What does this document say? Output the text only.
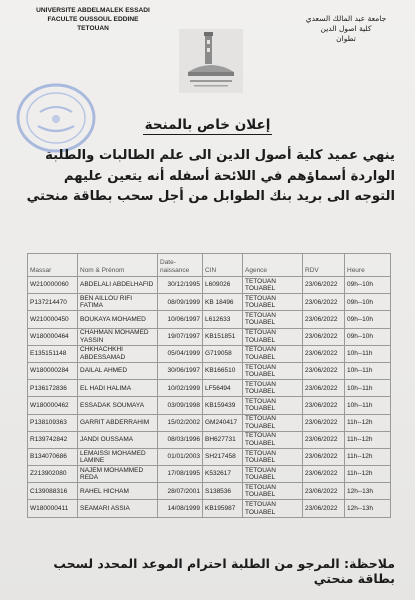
UNIVERSITE ABDELMALEK ESSADI
FACULTE OUSSOUL EDDINE
TETOUAN
جامعة عبد المالك السعدي
كلية اصول الدين
تطوان
إعلان خاص بالمنحة
ينهي عميد كلية أصول الدين الى علم الطالبات والطلبة الواردة أسماؤهم في اللائحة أسفله أنه يتعين عليهم التوجه الى بريد بنك الطوابل من أجل سحب بطاقة منحتي
Massar	Nom & Prénom	Date-naissance	CIN	Agence	RDV	Heure
W210000060	ABDELALI ABDELHAFID	30/12/1995	L609026	TETOUAN TOUABEL	23/06/2022	09h--10h
P137214470	BEN AILLOU RIFI FATIMA	08/09/1999	KB 18496	TETOUAN TOUABEL	23/06/2022	09h--10h
W210000450	BOUKAYA MOHAMED	10/06/1997	L612633	TETOUAN TOUABEL	23/06/2022	09h--10h
W180000464	CHAHMAN MOHAMED YASSIN	19/07/1997	KB151851	TETOUAN TOUABEL	23/06/2022	09h--10h
E135151148	CHKHACHKHI ABDESSAMAD	05/04/1999	G719058	TETOUAN TOUABEL	23/06/2022	10h--11h
W180000284	DAILAL AHMED	30/06/1997	KB166510	TETOUAN TOUABEL	23/06/2022	10h--11h
P136172836	EL HADI HALIMA	10/02/1999	LF56494	TETOUAN TOUABEL	23/06/2022	10h--11h
W180000462	ESSADAK SOUMAYA	03/09/1998	KB159439	TETOUAN TOUABEL	23/06/2022	10h--11h
P138109363	GARRIT ABDERRAHIM	15/02/2002	GM240417	TETOUAN TOUABEL	23/06/2022	11h--12h
R139742842	JANDI OUSSAMA	08/03/1996	BH627731	TETOUAN TOUABEL	23/06/2022	11h--12h
B134070686	LEMAISSI MOHAMED LAMINE	01/01/2003	SH217458	TETOUAN TOUABEL	23/06/2022	11h--12h
Z213902080	NAJEM MOHAMMED REDA	17/08/1995	K532617	TETOUAN TOUABEL	23/06/2022	11h--12h
C139088316	RAHEL HICHAM	28/07/2001	S138536	TETOUAN TOUABEL	23/06/2022	12h--13h
W180000411	SEAMARI ASSIA	14/08/1999	KB195987	TETOUAN TOUABEL	23/06/2022	12h--13h
ملاحظة: المرجو من الطلبة احترام الموعد المحدد لسحب بطاقة منحتي
